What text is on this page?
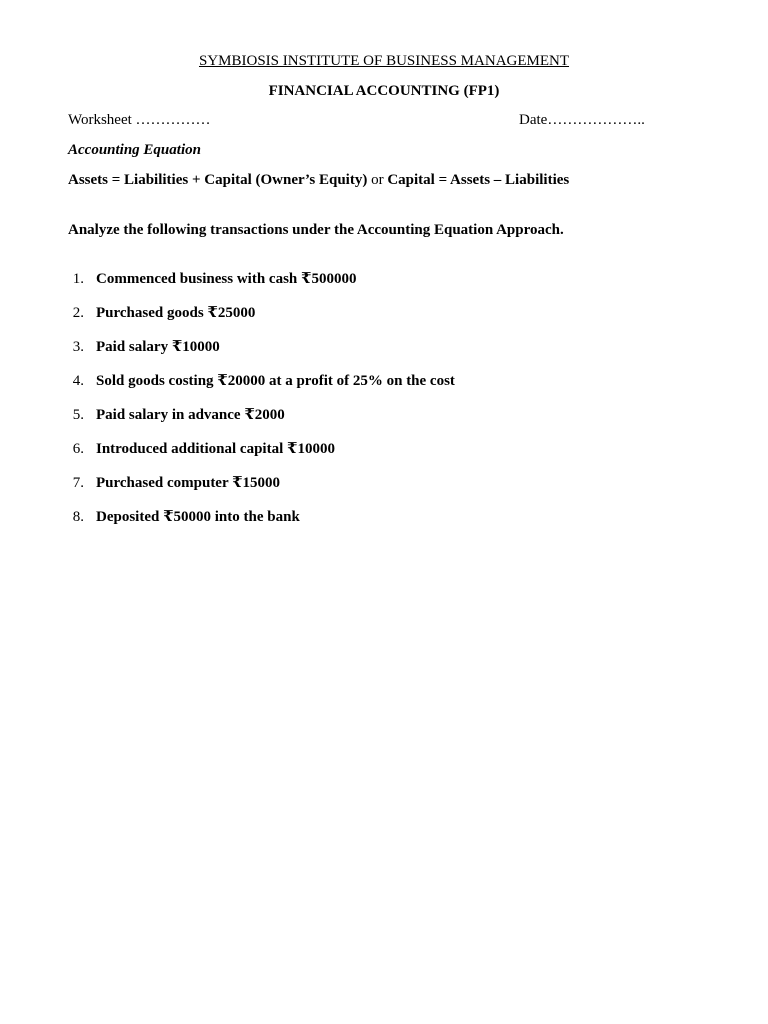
SYMBIOSIS INSTITUTE OF BUSINESS MANAGEMENT
FINANCIAL ACCOUNTING (FP1)
Worksheet ……………	Date………………..
Accounting Equation
Assets = Liabilities + Capital (Owner’s Equity) or Capital = Assets – Liabilities
Analyze the following transactions under the Accounting Equation Approach.
1. Commenced business with cash ₹500000
2. Purchased goods ₹25000
3. Paid salary ₹10000
4. Sold goods costing ₹20000 at a profit of 25% on the cost
5. Paid salary in advance ₹2000
6. Introduced additional capital ₹10000
7. Purchased computer ₹15000
8. Deposited ₹50000 into the bank
